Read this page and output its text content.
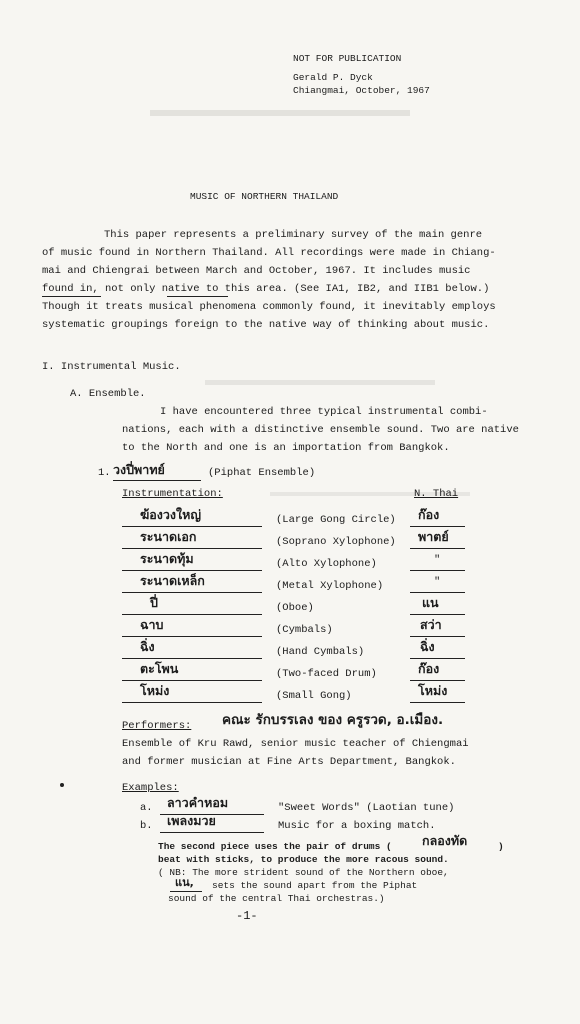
NOT FOR PUBLICATION
Gerald P. Dyck
Chiangmai, October, 1967
MUSIC OF NORTHERN THAILAND
This paper represents a preliminary survey of the main genre
of music found in Northern Thailand. All recordings were made in Chiang-
mai and Chiengrai between March and October, 1967. It includes music
found in, not only native to this area. (See IA1, IB2, and IIB1 below.)
Though it treats musical phenomena commonly found, it inevitably employs
systematic groupings foreign to the native way of thinking about music.
I. Instrumental Music.
A. Ensemble.
I have encountered three typical instrumental combi-
nations, each with a distinctive ensemble sound. Two are native
to the North and one is an importation from Bangkok.
1. วงปี่พาทย์	(Piphat Ensemble)
Instrumentation:	N. Thai
ฆ้องวงใหญ่	(Large Gong Circle) ก๊อง
ระนาดเอก	(Soprano Xylophone) พาตย์
ระนาดทุ้ม	(Alto Xylophone)	"
ระนาดเหล็ก	(Metal Xylophone)	"
ปี่	(Oboe)	แน
ฉาบ	(Cymbals)	สว่า
ฉิ่ง	(Hand Cymbals)	ฉิ่ง
ตะโพน	(Two-faced Drum)	ก๊อง
โหม่ง	(Small Gong)	โหม่ง
Performers: คณะ รักบรรเลง ของ ครูรวด, อ.เมือง.
Ensemble of Kru Rawd, senior music teacher of Chiengmai
and former musician at Fine Arts Department, Bangkok.
Examples:
a. ลาวคำหอม	"Sweet Words" (Laotian tune)
b. เพลงมวย	Music for a boxing match.
The second piece uses the pair of drums ( กลองทัด	)
beat with sticks, to produce the more racous sound.
( NB: The more strident sound of the Northern oboe,
แน, sets the sound apart from the Piphat
sound of the central Thai orchestras.)
-1-
